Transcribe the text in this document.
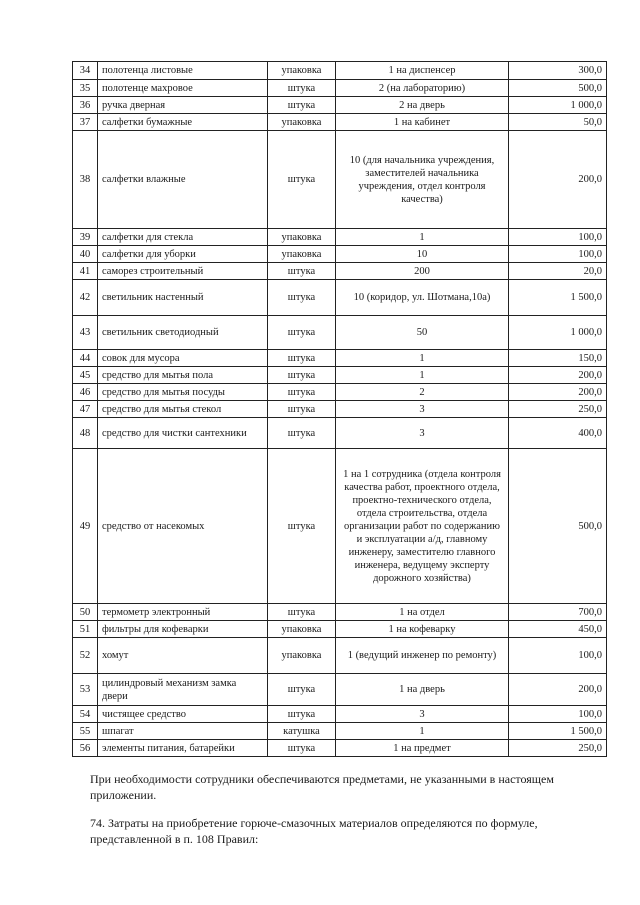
34	полотенца листовые	упаковка	1 на диспенсер	300,0
35	полотенце махровое	штука	2 (на лабораторию)	500,0
36	ручка дверная	штука	2 на дверь	1 000,0
37	салфетки бумажные	упаковка	1 на кабинет	50,0
38	салфетки влажные	штука	10 (для начальника учреждения, заместителей начальника учреждения, отдел контроля качества)	200,0
39	салфетки для стекла	упаковка	1	100,0
40	салфетки для уборки	упаковка	10	100,0
41	саморез строительный	штука	200	20,0
42	светильник настенный	штука	10 (коридор, ул. Шотмана,10а)	1 500,0
43	светильник светодиодный	штука	50	1 000,0
44	совок для мусора	штука	1	150,0
45	средство для мытья пола	штука	1	200,0
46	средство для мытья посуды	штука	2	200,0
47	средство для мытья стекол	штука	3	250,0
48	средство для чистки сантехники	штука	3	400,0
49	средство от насекомых	штука	1 на 1 сотрудника (отдела контроля качества работ, проектного отдела, проектно-технического отдела, отдела строительства, отдела организации работ по содержанию и эксплуатации а/д, главному инженеру, заместителю главного инженера, ведущему эксперту дорожного хозяйства)	500,0
50	термометр электронный	штука	1 на отдел	700,0
51	фильтры для кофеварки	упаковка	1 на кофеварку	450,0
52	хомут	упаковка	1 (ведущий инженер по ремонту)	100,0
53	цилиндровый механизм замка двери	штука	1 на дверь	200,0
54	чистящее средство	штука	3	100,0
55	шпагат	катушка	1	1 500,0
56	элементы питания, батарейки	штука	1 на предмет	250,0
При необходимости сотрудники обеспечиваются предметами, не указанными в настоящем приложении.
74. Затраты на приобретение горюче-смазочных материалов определяются по формуле, представленной в п. 108 Правил:
